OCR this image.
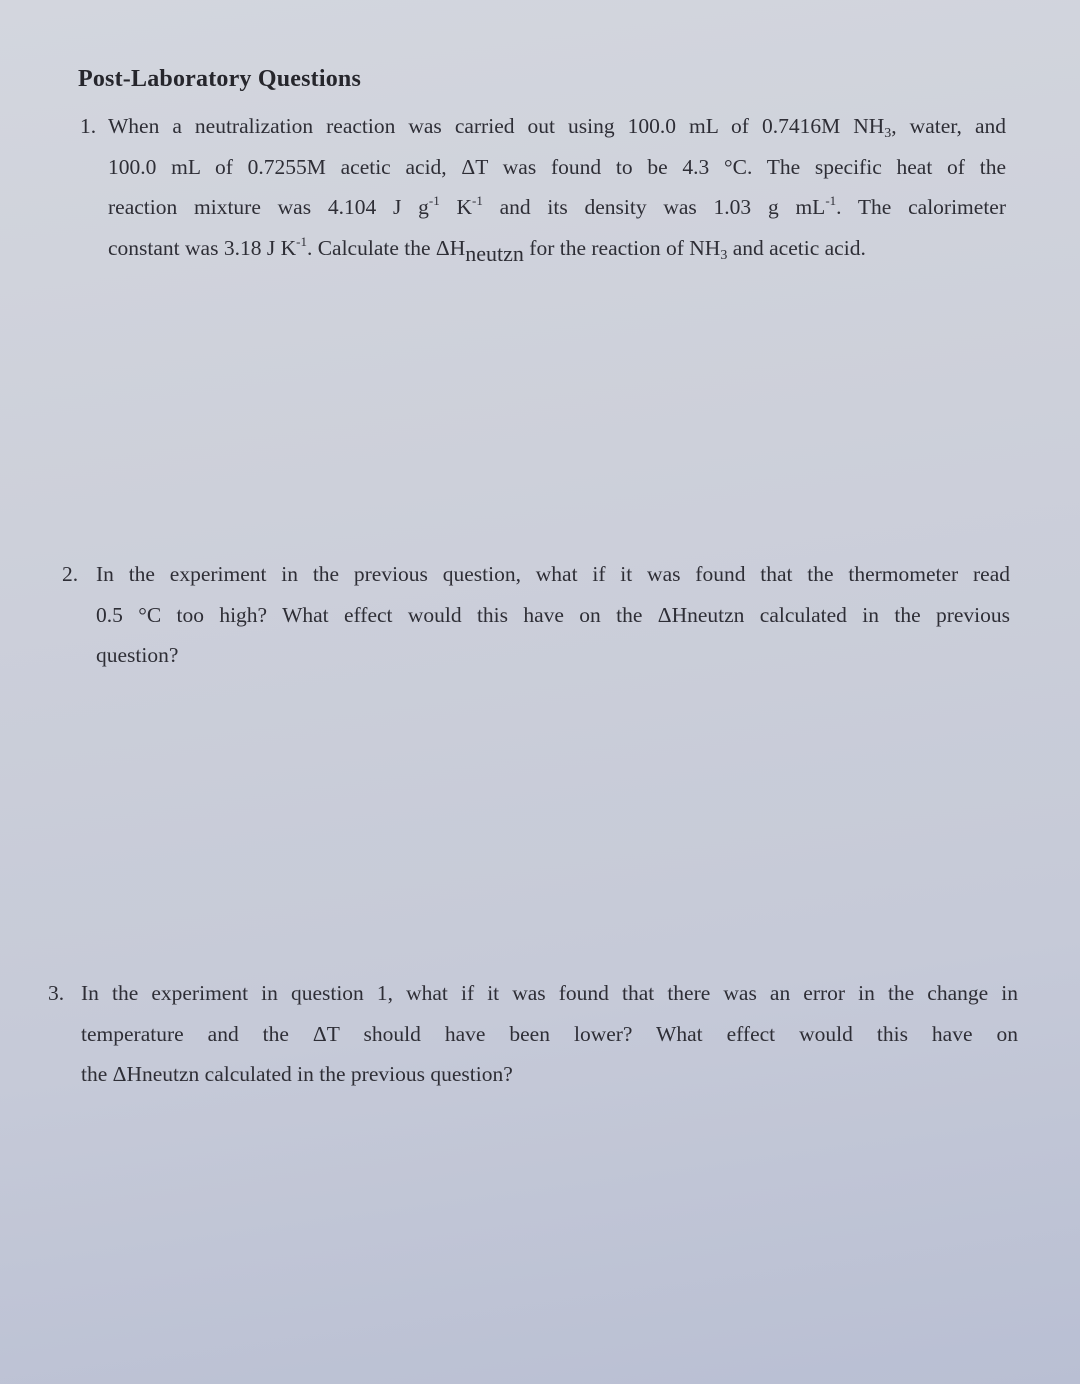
Post-Laboratory Questions
1. When a neutralization reaction was carried out using 100.0 mL of 0.7416M $NH_3$, water, and
100.0 mL of 0.7255M acetic acid, ΔT was found to be 4.3 °C. The specific heat of the
reaction mixture was 4.104 J $g^{-1}$ $K^{-1}$ and its density was 1.03 g $mL^{-1}$. The calorimeter
constant was 3.18 J $K^{-1}$. Calculate the $\Delta H_{neutzn}$ for the reaction of $NH_3$ and acetic acid.
2. In the experiment in the previous question, what if it was found that the thermometer read
0.5 °C too high? What effect would this have on the ΔHneutzn calculated in the previous
question?
3. In the experiment in question 1, what if it was found that there was an error in the change in
temperature and the ΔT should have been lower? What effect would this have on
the ΔHneutzn calculated in the previous question?
